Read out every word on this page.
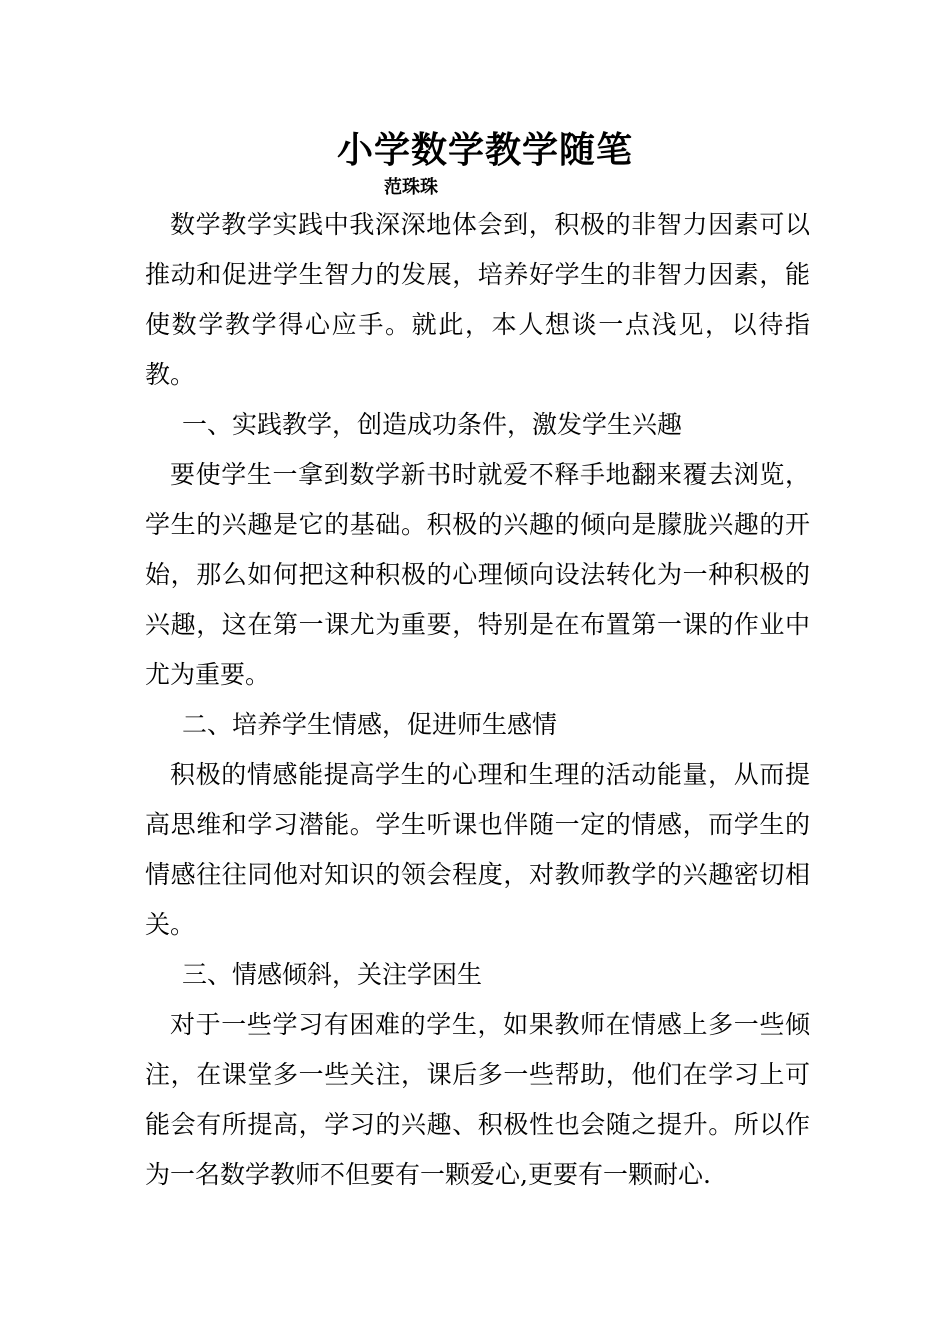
小学数学教学随笔
范珠珠

数学教学实践中我深深地体会到，积极的非智力因素可以推动和促进学生智力的发展，培养好学生的非智力因素，能使数学教学得心应手。就此，本人想谈一点浅见，以待指教。

一、实践教学，创造成功条件，激发学生兴趣

要使学生一拿到数学新书时就爱不释手地翻来覆去浏览，学生的兴趣是它的基础。积极的兴趣的倾向是朦胧兴趣的开始，那么如何把这种积极的心理倾向设法转化为一种积极的兴趣，这在第一课尤为重要，特别是在布置第一课的作业中尤为重要。

二、培养学生情感，促进师生感情

积极的情感能提高学生的心理和生理的活动能量，从而提高思维和学习潜能。学生听课也伴随一定的情感，而学生的情感往往同他对知识的领会程度，对教师教学的兴趣密切相关。

三、情感倾斜，关注学困生

对于一些学习有困难的学生，如果教师在情感上多一些倾注，在课堂多一些关注，课后多一些帮助，他们在学习上可能会有所提高，学习的兴趣、积极性也会随之提升。所以作为一名数学教师不但要有一颗爱心,更要有一颗耐心.
